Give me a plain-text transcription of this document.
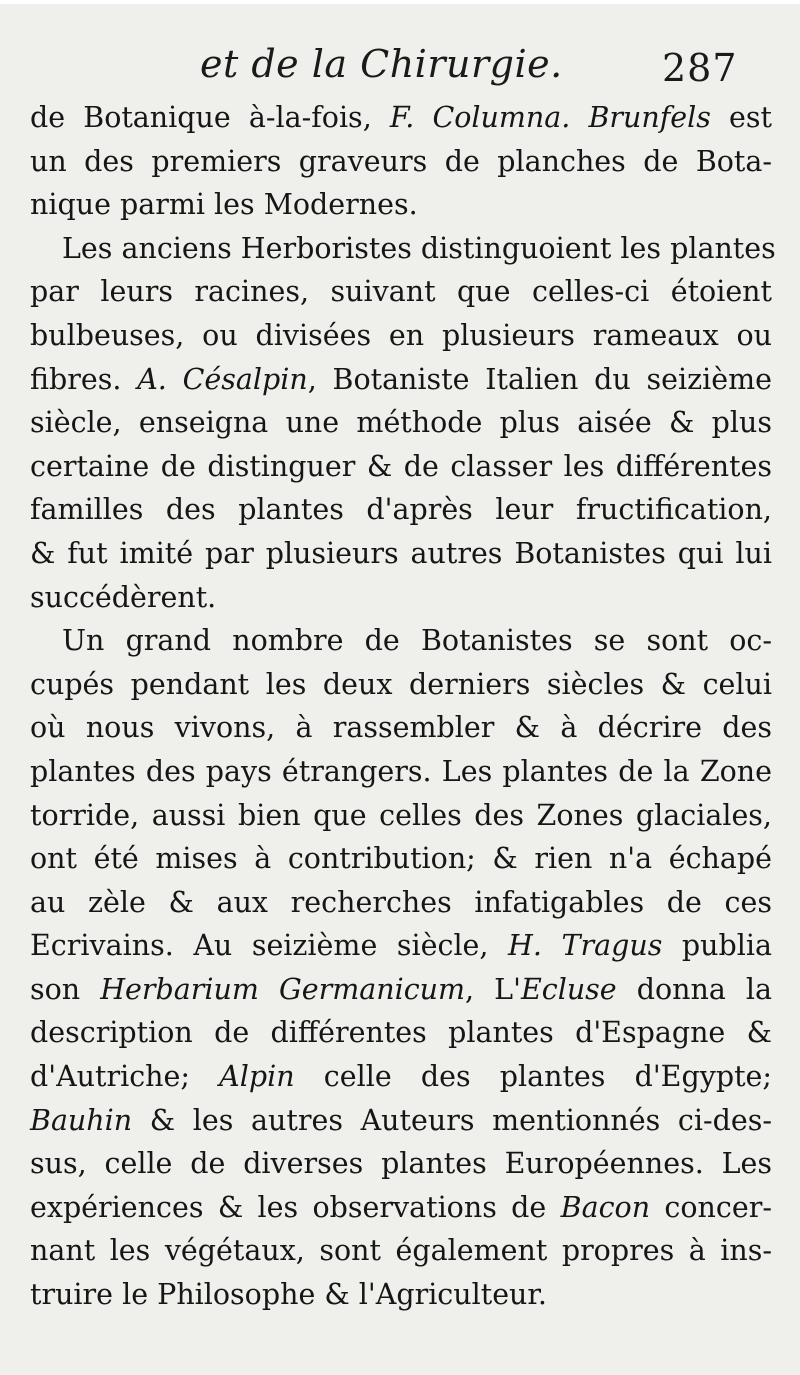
et de la Chirurgie.	287
de Botanique à-la-fois, F. Columna. Brunfels est
un des premiers graveurs de planches de Bota-
nique parmi les Modernes.
Les anciens Herboristes distinguoient les plantes
par leurs racines, suivant que celles-ci étoient
bulbeuses, ou divisées en plusieurs rameaux ou
fibres. A. Césalpin, Botaniste Italien du seizième
siècle, enseigna une méthode plus aisée & plus
certaine de distinguer & de classer les différentes
familles des plantes d'après leur fructification,
& fut imité par plusieurs autres Botanistes qui lui
succédèrent.
Un grand nombre de Botanistes se sont oc-
cupés pendant les deux derniers siècles & celui
où nous vivons, à rassembler & à décrire des
plantes des pays étrangers. Les plantes de la Zone
torride, aussi bien que celles des Zones glaciales,
ont été mises à contribution; & rien n'a échapé
au zèle & aux recherches infatigables de ces
Ecrivains. Au seizième siècle, H. Tragus publia
son Herbarium Germanicum, L'Ecluse donna la
description de différentes plantes d'Espagne &
d'Autriche; Alpin celle des plantes d'Egypte;
Bauhin & les autres Auteurs mentionnés ci-des-
sus, celle de diverses plantes Européennes. Les
expériences & les observations de Bacon concer-
nant les végétaux, sont également propres à ins-
truire le Philosophe & l'Agriculteur.
